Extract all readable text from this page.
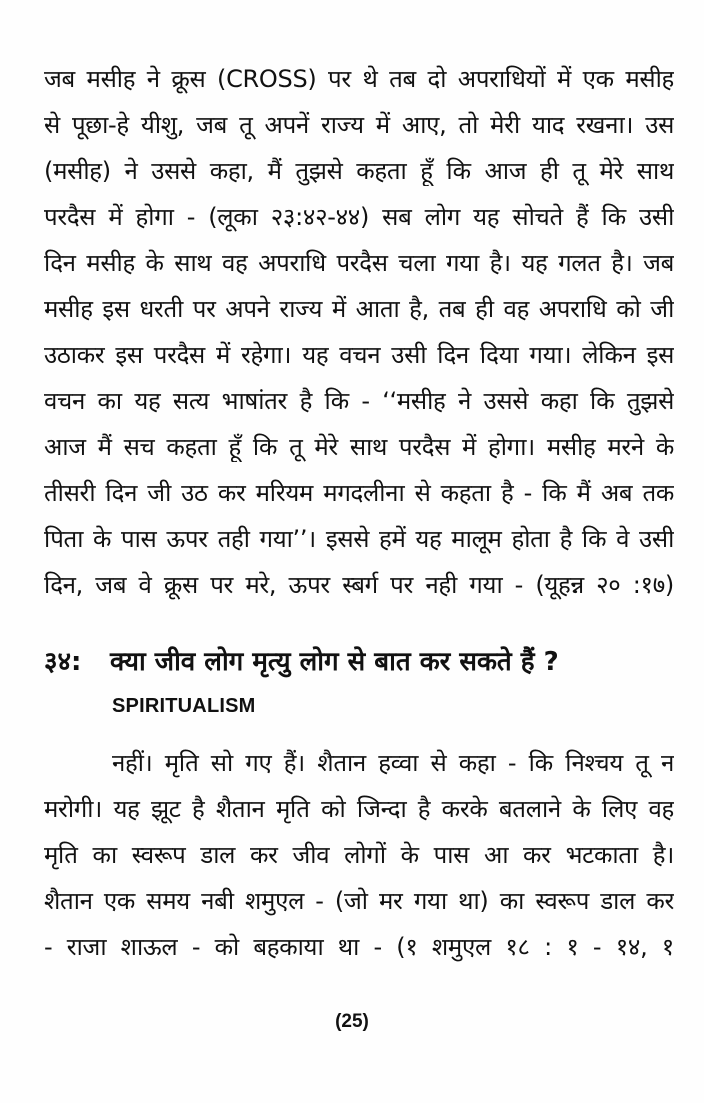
जब मसीह ने क्रूस (CROSS) पर थे तब दो अपराधियों में एक मसीह
से पूछा-हे यीशु, जब तू अपनें राज्य में आए, तो मेरी याद रखना। उस
(मसीह) ने उससे कहा, मैं तुझसे कहता हूँ कि आज ही तू मेरे साथ
परदैस में होगा - (लूका २३:४२-४४) सब लोग यह सोचते हैं कि उसी
दिन मसीह के साथ वह अपराधि परदैस चला गया है। यह गलत है। जब
मसीह इस धरती पर अपने राज्य में आता है, तब ही वह अपराधि को जी
उठाकर इस परदैस में रहेगा। यह वचन उसी दिन दिया गया। लेकिन इस
वचन का यह सत्य भाषांतर है कि - ‘‘मसीह ने उससे कहा कि तुझसे
आज मैं सच कहता हूँ कि तू मेरे साथ परदैस में होगा। मसीह मरने के
तीसरी दिन जी उठ कर मरियम मगदलीना से कहता है - कि मैं अब तक
पिता के पास ऊपर तही गया’’। इससे हमें यह मालूम होता है कि वे उसी
दिन, जब वे क्रूस पर मरे, ऊपर स्बर्ग पर नही गया - (यूहन्न २० :१७)
३४: क्या जीव लोग मृत्यु लोग से बात कर सकते हैं ?
SPIRITUALISM
नहीं। मृति सो गए हैं। शैतान हव्वा से कहा - कि निश्चय तू न
मरोगी। यह झूट है शैतान मृति को जिन्दा है करके बतलाने के लिए वह
मृति का स्वरूप डाल कर जीव लोगों के पास आ कर भटकाता है।
शैतान एक समय नबी शमुएल - (जो मर गया था) का स्वरूप डाल कर
- राजा शाऊल - को बहकाया था - (१ शमुएल १८ : १ - १४, १
(25)
